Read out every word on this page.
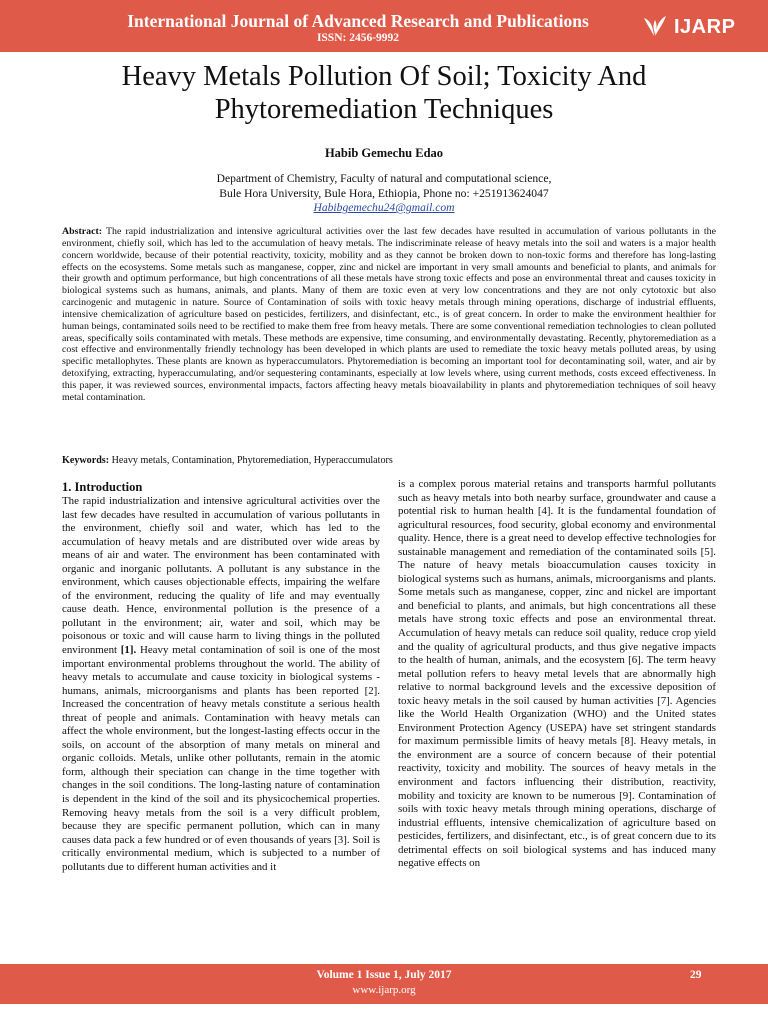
International Journal of Advanced Research and Publications
ISSN: 2456-9992
IJARP
Heavy Metals Pollution Of Soil; Toxicity And
Phytoremediation Techniques
Habib Gemechu Edao
Department of Chemistry, Faculty of natural and computational science,
Bule Hora University, Bule Hora, Ethiopia, Phone no: +251913624047
Habibgemechu24@gmail.com
Abstract: The rapid industrialization and intensive agricultural activities over the last few decades have resulted in accumulation of various pollutants in the environment, chiefly soil, which has led to the accumulation of heavy metals. The indiscriminate release of heavy metals into the soil and waters is a major health concern worldwide, because of their potential reactivity, toxicity, mobility and as they cannot be broken down to non-toxic forms and therefore has long-lasting effects on the ecosystems. Some metals such as manganese, copper, zinc and nickel are important in very small amounts and beneficial to plants, and animals for their growth and optimum performance, but high concentrations of all these metals have strong toxic effects and pose an environmental threat and causes toxicity in biological systems such as humans, animals, and plants. Many of them are toxic even at very low concentrations and they are not only cytotoxic but also carcinogenic and mutagenic in nature. Source of Contamination of soils with toxic heavy metals through mining operations, discharge of industrial effluents, intensive chemicalization of agriculture based on pesticides, fertilizers, and disinfectant, etc., is of great concern. In order to make the environment healthier for human beings, contaminated soils need to be rectified to make them free from heavy metals. There are some conventional remediation technologies to clean polluted areas, specifically soils contaminated with metals. These methods are expensive, time consuming, and environmentally devastating. Recently, phytoremediation as a cost effective and environmentally friendly technology has been developed in which plants are used to remediate the toxic heavy metals polluted areas, by using specific metallophytes. These plants are known as hyperaccumulators. Phytoremediation is becoming an important tool for decontaminating soil, water, and air by detoxifying, extracting, hyperaccumulating, and/or sequestering contaminants, especially at low levels where, using current methods, costs exceed effectiveness. In this paper, it was reviewed sources, environmental impacts, factors affecting heavy metals bioavailability in plants and phytoremediation techniques of soil heavy metal contamination.
Keywords: Heavy metals, Contamination, Phytoremediation, Hyperaccumulators
1. Introduction

The rapid industrialization and intensive agricultural activities over the last few decades have resulted in accumulation of various pollutants in the environment, chiefly soil and water, which has led to the accumulation of heavy metals and are distributed over wide areas by means of air and water. The environment has been contaminated with organic and inorganic pollutants. A pollutant is any substance in the environment, which causes objectionable effects, impairing the welfare of the environment, reducing the quality of life and may eventually cause death. Hence, environmental pollution is the presence of a pollutant in the environment; air, water and soil, which may be poisonous or toxic and will cause harm to living things in the polluted environment [1]. Heavy metal contamination of soil is one of the most important environmental problems throughout the world. The ability of heavy metals to accumulate and cause toxicity in biological systems - humans, animals, microorganisms and plants has been reported [2]. Increased the concentration of heavy metals constitute a serious health threat of people and animals. Contamination with heavy metals can affect the whole environment, but the longest-lasting effects occur in the soils, on account of the absorption of many metals on mineral and organic colloids. Metals, unlike other pollutants, remain in the atomic form, although their speciation can change in the time together with changes in the soil conditions. The long-lasting nature of contamination is dependent in the kind of the soil and its physicochemical properties. Removing heavy metals from the soil is a very difficult problem, because they are specific permanent pollution, which can in many causes data pack a few hundred or of even thousands of years [3]. Soil is critically environmental medium, which is subjected to a number of pollutants due to different human activities and it

is a complex porous material retains and transports harmful pollutants such as heavy metals into both nearby surface, groundwater and cause a potential risk to human health [4]. It is the fundamental foundation of agricultural resources, food security, global economy and environmental quality. Hence, there is a great need to develop effective technologies for sustainable management and remediation of the contaminated soils [5]. The nature of heavy metals bioaccumulation causes toxicity in biological systems such as humans, animals, microorganisms and plants. Some metals such as manganese, copper, zinc and nickel are important and beneficial to plants, and animals, but high concentrations all these metals have strong toxic effects and pose an environmental threat. Accumulation of heavy metals can reduce soil quality, reduce crop yield and the quality of agricultural products, and thus give negative impacts to the health of human, animals, and the ecosystem [6]. The term heavy metal pollution refers to heavy metal levels that are abnormally high relative to normal background levels and the excessive deposition of toxic heavy metals in the soil caused by human activities [7]. Agencies like the World Health Organization (WHO) and the United states Environment Protection Agency (USEPA) have set stringent standards for maximum permissible limits of heavy metals [8]. Heavy metals, in the environment are a source of concern because of their potential reactivity, toxicity and mobility. The sources of heavy metals in the environment and factors influencing their distribution, reactivity, mobility and toxicity are known to be numerous [9]. Contamination of soils with toxic heavy metals through mining operations, discharge of industrial effluents, intensive chemicalization of agriculture based on pesticides, fertilizers, and disinfectant, etc., is of great concern due to its detrimental effects on soil biological systems and has induced many negative effects on

Volume 1 Issue 1, July 2017	29
www.ijarp.org
